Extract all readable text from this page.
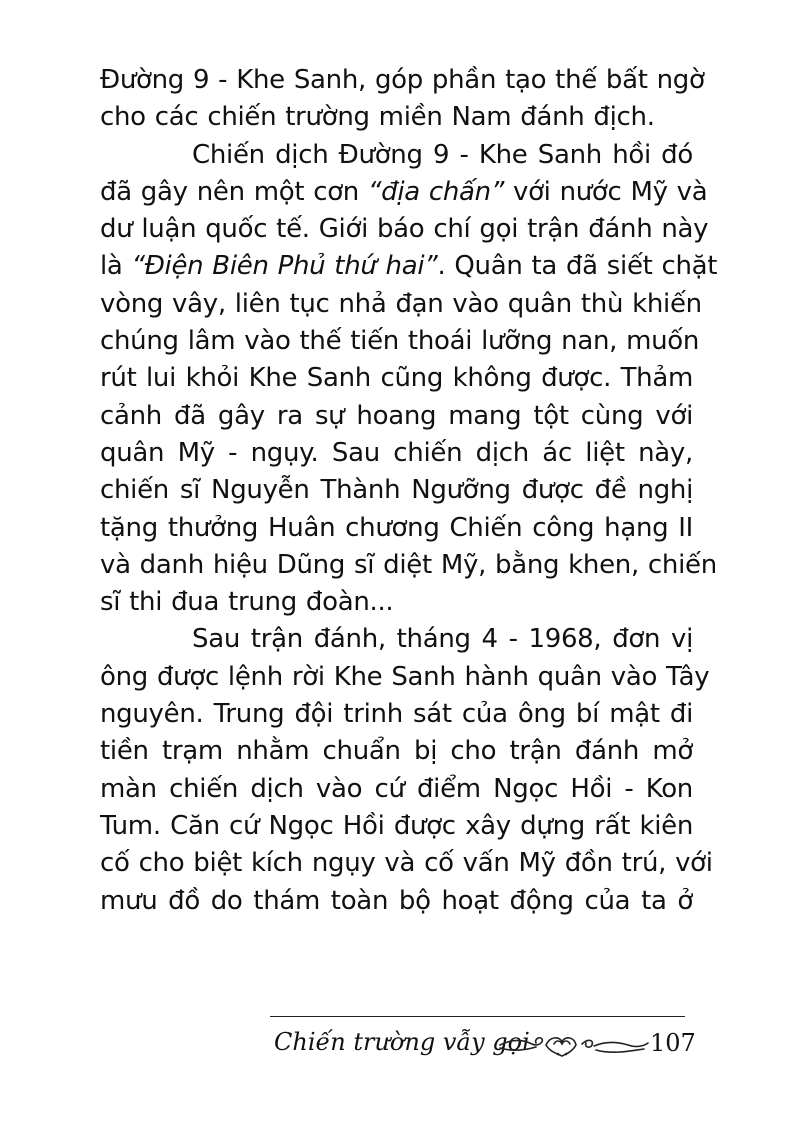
Đường 9 - Khe Sanh, góp phần tạo thế bất ngờ
cho các chiến trường miền Nam đánh địch.

Chiến dịch Đường 9 - Khe Sanh hồi đó
đã gây nên một cơn “địa chấn” với nước Mỹ và
dư luận quốc tế. Giới báo chí gọi trận đánh này
là “Điện Biên Phủ thứ hai”. Quân ta đã siết chặt
vòng vây, liên tục nhả đạn vào quân thù khiến
chúng lâm vào thế tiến thoái lưỡng nan, muốn
rút lui khỏi Khe Sanh cũng không được. Thảm
cảnh đã gây ra sự hoang mang tột cùng với
quân Mỹ - ngụy. Sau chiến dịch ác liệt này,
chiến sĩ Nguyễn Thành Ngưỡng được đề nghị
tặng thưởng Huân chương Chiến công hạng II
và danh hiệu Dũng sĩ diệt Mỹ, bằng khen, chiến
sĩ thi đua trung đoàn...

Sau trận đánh, tháng 4 - 1968, đơn vị
ông được lệnh rời Khe Sanh hành quân vào Tây
nguyên. Trung đội trinh sát của ông bí mật đi
tiền trạm nhằm chuẩn bị cho trận đánh mở
màn chiến dịch vào cứ điểm Ngọc Hồi - Kon
Tum. Căn cứ Ngọc Hồi được xây dựng rất kiên
cố cho biệt kích ngụy và cố vấn Mỹ đồn trú, với
mưu đồ do thám toàn bộ hoạt động của ta ở

Chiến trường vẫy gọi	107
